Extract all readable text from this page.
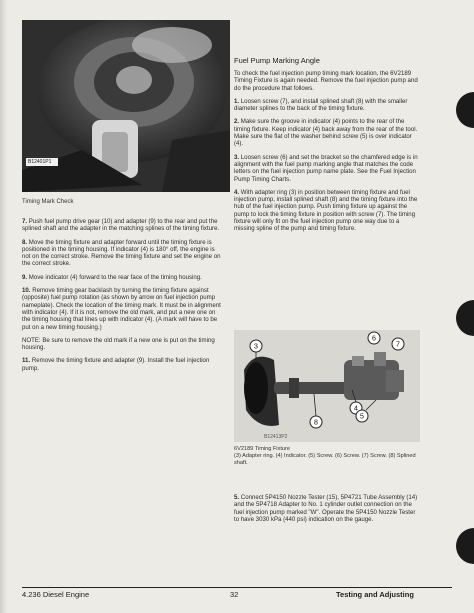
B12401P1
Timing Mark Check

7. Push fuel pump drive gear (10) and adapter (9) to the rear and put the splined shaft and the adapter in the matching splines of the timing fixture.

8. Move the timing fixture and adapter forward until the timing fixture is positioned in the timing housing. If indicator (4) is 180° off, the engine is not on the correct stroke. Remove the timing fixture and set the engine on the correct stroke.

9. Move indicator (4) forward to the rear face of the timing housing.

10. Remove timing gear backlash by turning the timing fixture against (opposite) fuel pump rotation (as shown by arrow on fuel injection pump nameplate). Check the location of the timing mark. It must be in alignment with indicator (4). If it is not, remove the old mark, and put a new one on the timing housing that lines up with indicator (4). (A mark will have to be put on a new timing housing.)

NOTE: Be sure to remove the old mark if a new one is put on the timing housing.

11. Remove the timing fixture and adapter (9). Install the fuel injection pump.

Fuel Pump Marking Angle

To check the fuel injection pump timing mark location, the 6V2189 Timing Fixture is again needed. Remove the fuel injection pump and do the procedure that follows.

1. Loosen screw (7), and install splined shaft (8) with the smaller diameter splines to the back of the timing fixture.

2. Make sure the groove in indicator (4) points to the rear of the timing fixture. Keep indicator (4) back away from the rear of the tool. Make sure the flat of the washer behind screw (5) is over indicator (4).

3. Loosen screw (6) and set the bracket so the chamfered edge is in alignment with the fuel pump marking angle that matches the code letters on the fuel injection pump name plate. See the Fuel Injection Pump Timing Charts.

4. With adapter ring (3) in position between timing fixture and fuel injection pump, install splined shaft (8) and the timing fixture into the hub of the fuel injection pump. Push timing fixture up against the pump to lock the timing fixture in position with screw (7). The timing fixture will only fit on the fuel injection pump one way due to a missing spline of the pump and timing fixture.

3
6
7
4
5
8
B12413P2
6V2189 Timing Fixture
(3) Adapter ring. (4) Indicator. (5) Screw. (6) Screw. (7) Screw. (8) Splined shaft.

5. Connect 5P4150 Nozzle Tester (15), 5P4721 Tube Assembly (14) and the 5P4718 Adapter to No. 1 cylinder outlet connection on the fuel injection pump marked "W". Operate the 5P4150 Nozzle Tester to have 3030 kPa (440 psi) indication on the gauge.

4.236 Diesel Engine	32	Testing and Adjusting
